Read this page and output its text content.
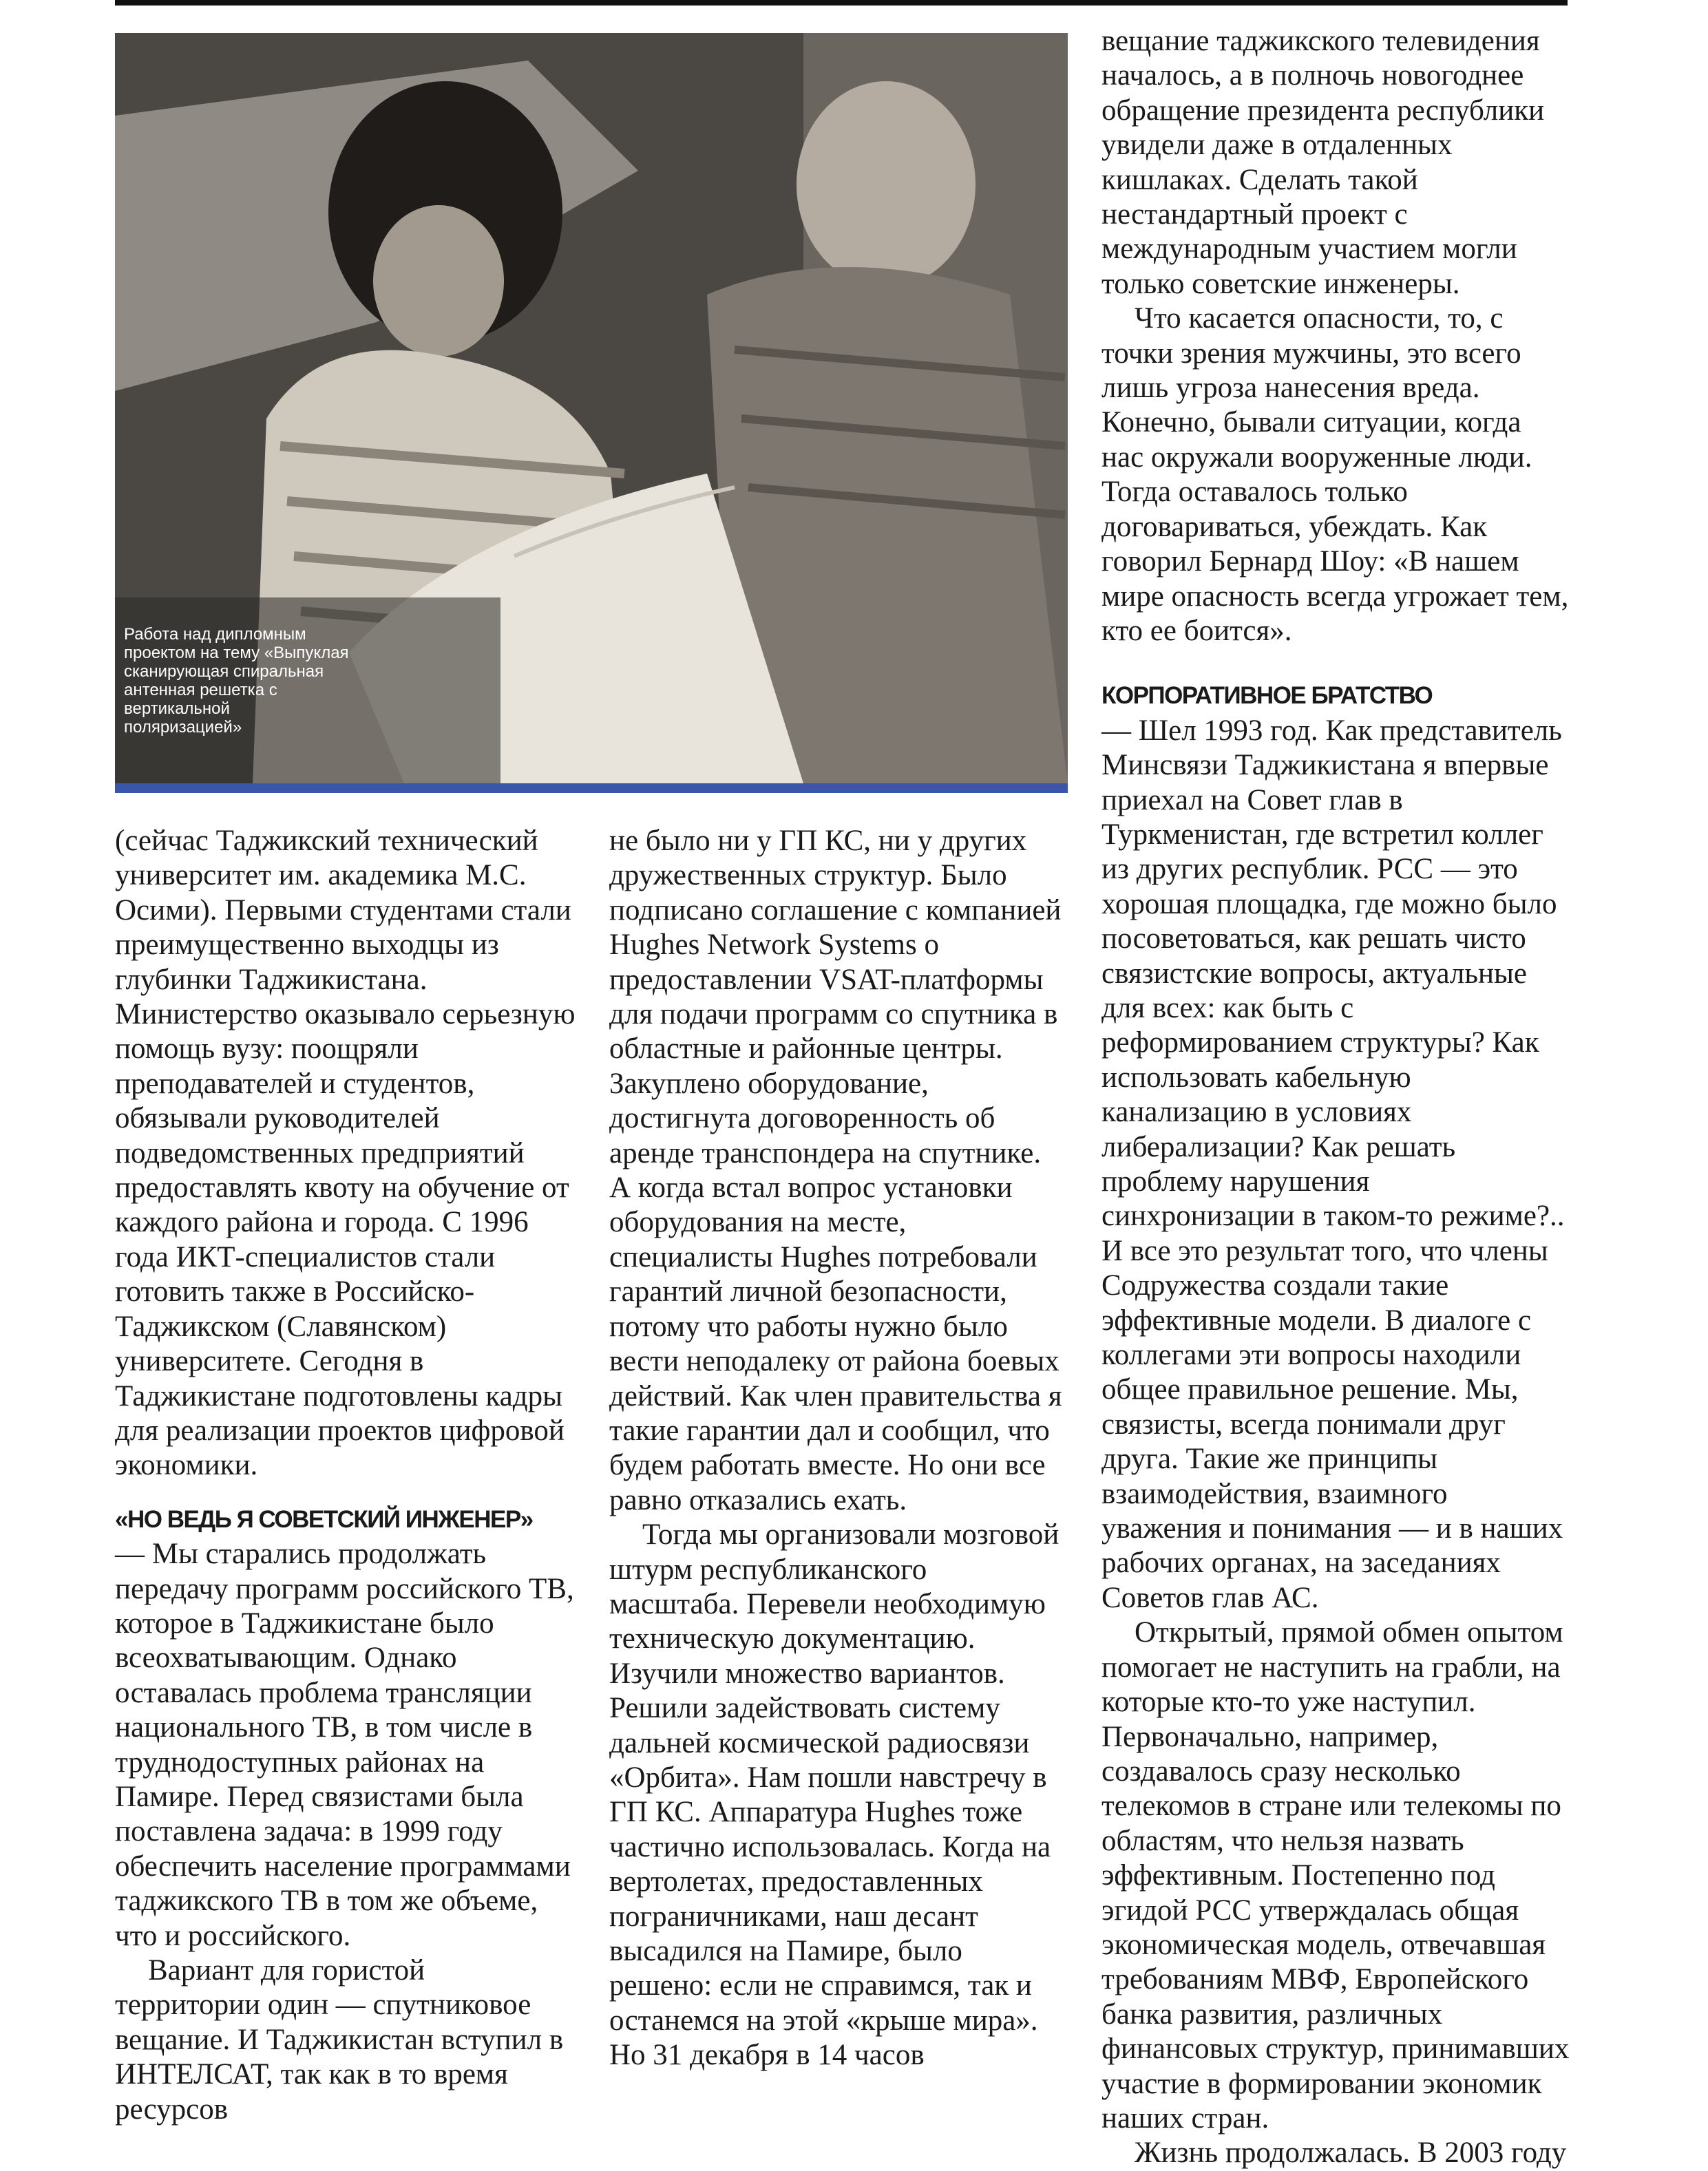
Работа над дипломным проектом на тему «Выпуклая сканирующая спиральная антенная решетка с вертикальной поляризацией»

(сейчас Таджикский технический университет им. академика М.С. Осими). Первыми студентами стали преимущественно выходцы из глубинки Таджикистана. Министерство оказывало серьезную помощь вузу: поощряли преподавателей и студентов, обязывали руководителей подведомственных предприятий предоставлять квоту на обучение от каждого района и города. С 1996 года ИКТ-специалистов стали готовить также в Российско-Таджикском (Славянском) университете. Сегодня в Таджикистане подготовлены кадры для реализации проектов цифровой экономики.

«НО ВЕДЬ Я СОВЕТСКИЙ ИНЖЕНЕР»

— Мы старались продолжать передачу программ российского ТВ, которое в Таджикистане было всеохватывающим. Однако оставалась проблема трансляции национального ТВ, в том числе в труднодоступных районах на Памире. Перед связистами была поставлена задача: в 1999 году обеспечить население программами таджикского ТВ в том же объеме, что и российского.

Вариант для гористой территории один — спутниковое вещание. И Таджикистан вступил в ИНТЕЛСАТ, так как в то время ресурсов

не было ни у ГП КС, ни у других дружественных структур. Было подписано соглашение с компанией Hughes Network Systems о предоставлении VSAT-платформы для подачи программ со спутника в областные и районные центры. Закуплено оборудование, достигнута договоренность об аренде транспондера на спутнике. А когда встал вопрос установки оборудования на месте, специалисты Hughes потребовали гарантий личной безопасности, потому что работы нужно было вести неподалеку от района боевых действий. Как член правительства я такие гарантии дал и сообщил, что будем работать вместе. Но они все равно отказались ехать.

Тогда мы организовали мозговой штурм республиканского масштаба. Перевели необходимую техническую документацию. Изучили множество вариантов. Решили задействовать систему дальней космической радиосвязи «Орбита». Нам пошли навстречу в ГП КС. Аппаратура Hughes тоже частично использовалась. Когда на вертолетах, предоставленных пограничниками, наш десант высадился на Памире, было решено: если не справимся, так и останемся на этой «крыше мира». Но 31 декабря в 14 часов

вещание таджикского телевидения началось, а в полночь новогоднее обращение президента республики увидели даже в отдаленных кишлаках. Сделать такой нестандартный проект с международным участием могли только советские инженеры.

Что касается опасности, то, с точки зрения мужчины, это всего лишь угроза нанесения вреда. Конечно, бывали ситуации, когда нас окружали вооруженные люди. Тогда оставалось только договариваться, убеждать. Как говорил Бернард Шоу: «В нашем мире опасность всегда угрожает тем, кто ее боится».

КОРПОРАТИВНОЕ БРАТСТВО

— Шел 1993 год. Как представитель Минсвязи Таджикистана я впервые приехал на Совет глав в Туркменистан, где встретил коллег из других республик. РСС — это хорошая площадка, где можно было посоветоваться, как решать чисто связистские вопросы, актуальные для всех: как быть с реформированием структуры? Как использовать кабельную канализацию в условиях либерализации? Как решать проблему нарушения синхронизации в таком-то режиме?.. И все это результат того, что члены Содружества создали такие эффективные модели. В диалоге с коллегами эти вопросы находили общее правильное решение. Мы, связисты, всегда понимали друг друга. Такие же принципы взаимодействия, взаимного уважения и понимания — и в наших рабочих органах, на заседаниях Советов глав АС.

Открытый, прямой обмен опытом помогает не наступить на грабли, на которые кто-то уже наступил. Первоначально, например, создавалось сразу несколько телекомов в стране или телекомы по областям, что нельзя назвать эффективным. Постепенно под эгидой РСС утверждалась общая экономическая модель, отвечавшая требованиям МВФ, Европейского банка развития, различных финансовых структур, принимавших участие в формировании экономик наших стран.

Жизнь продолжалась. В 2003 году
